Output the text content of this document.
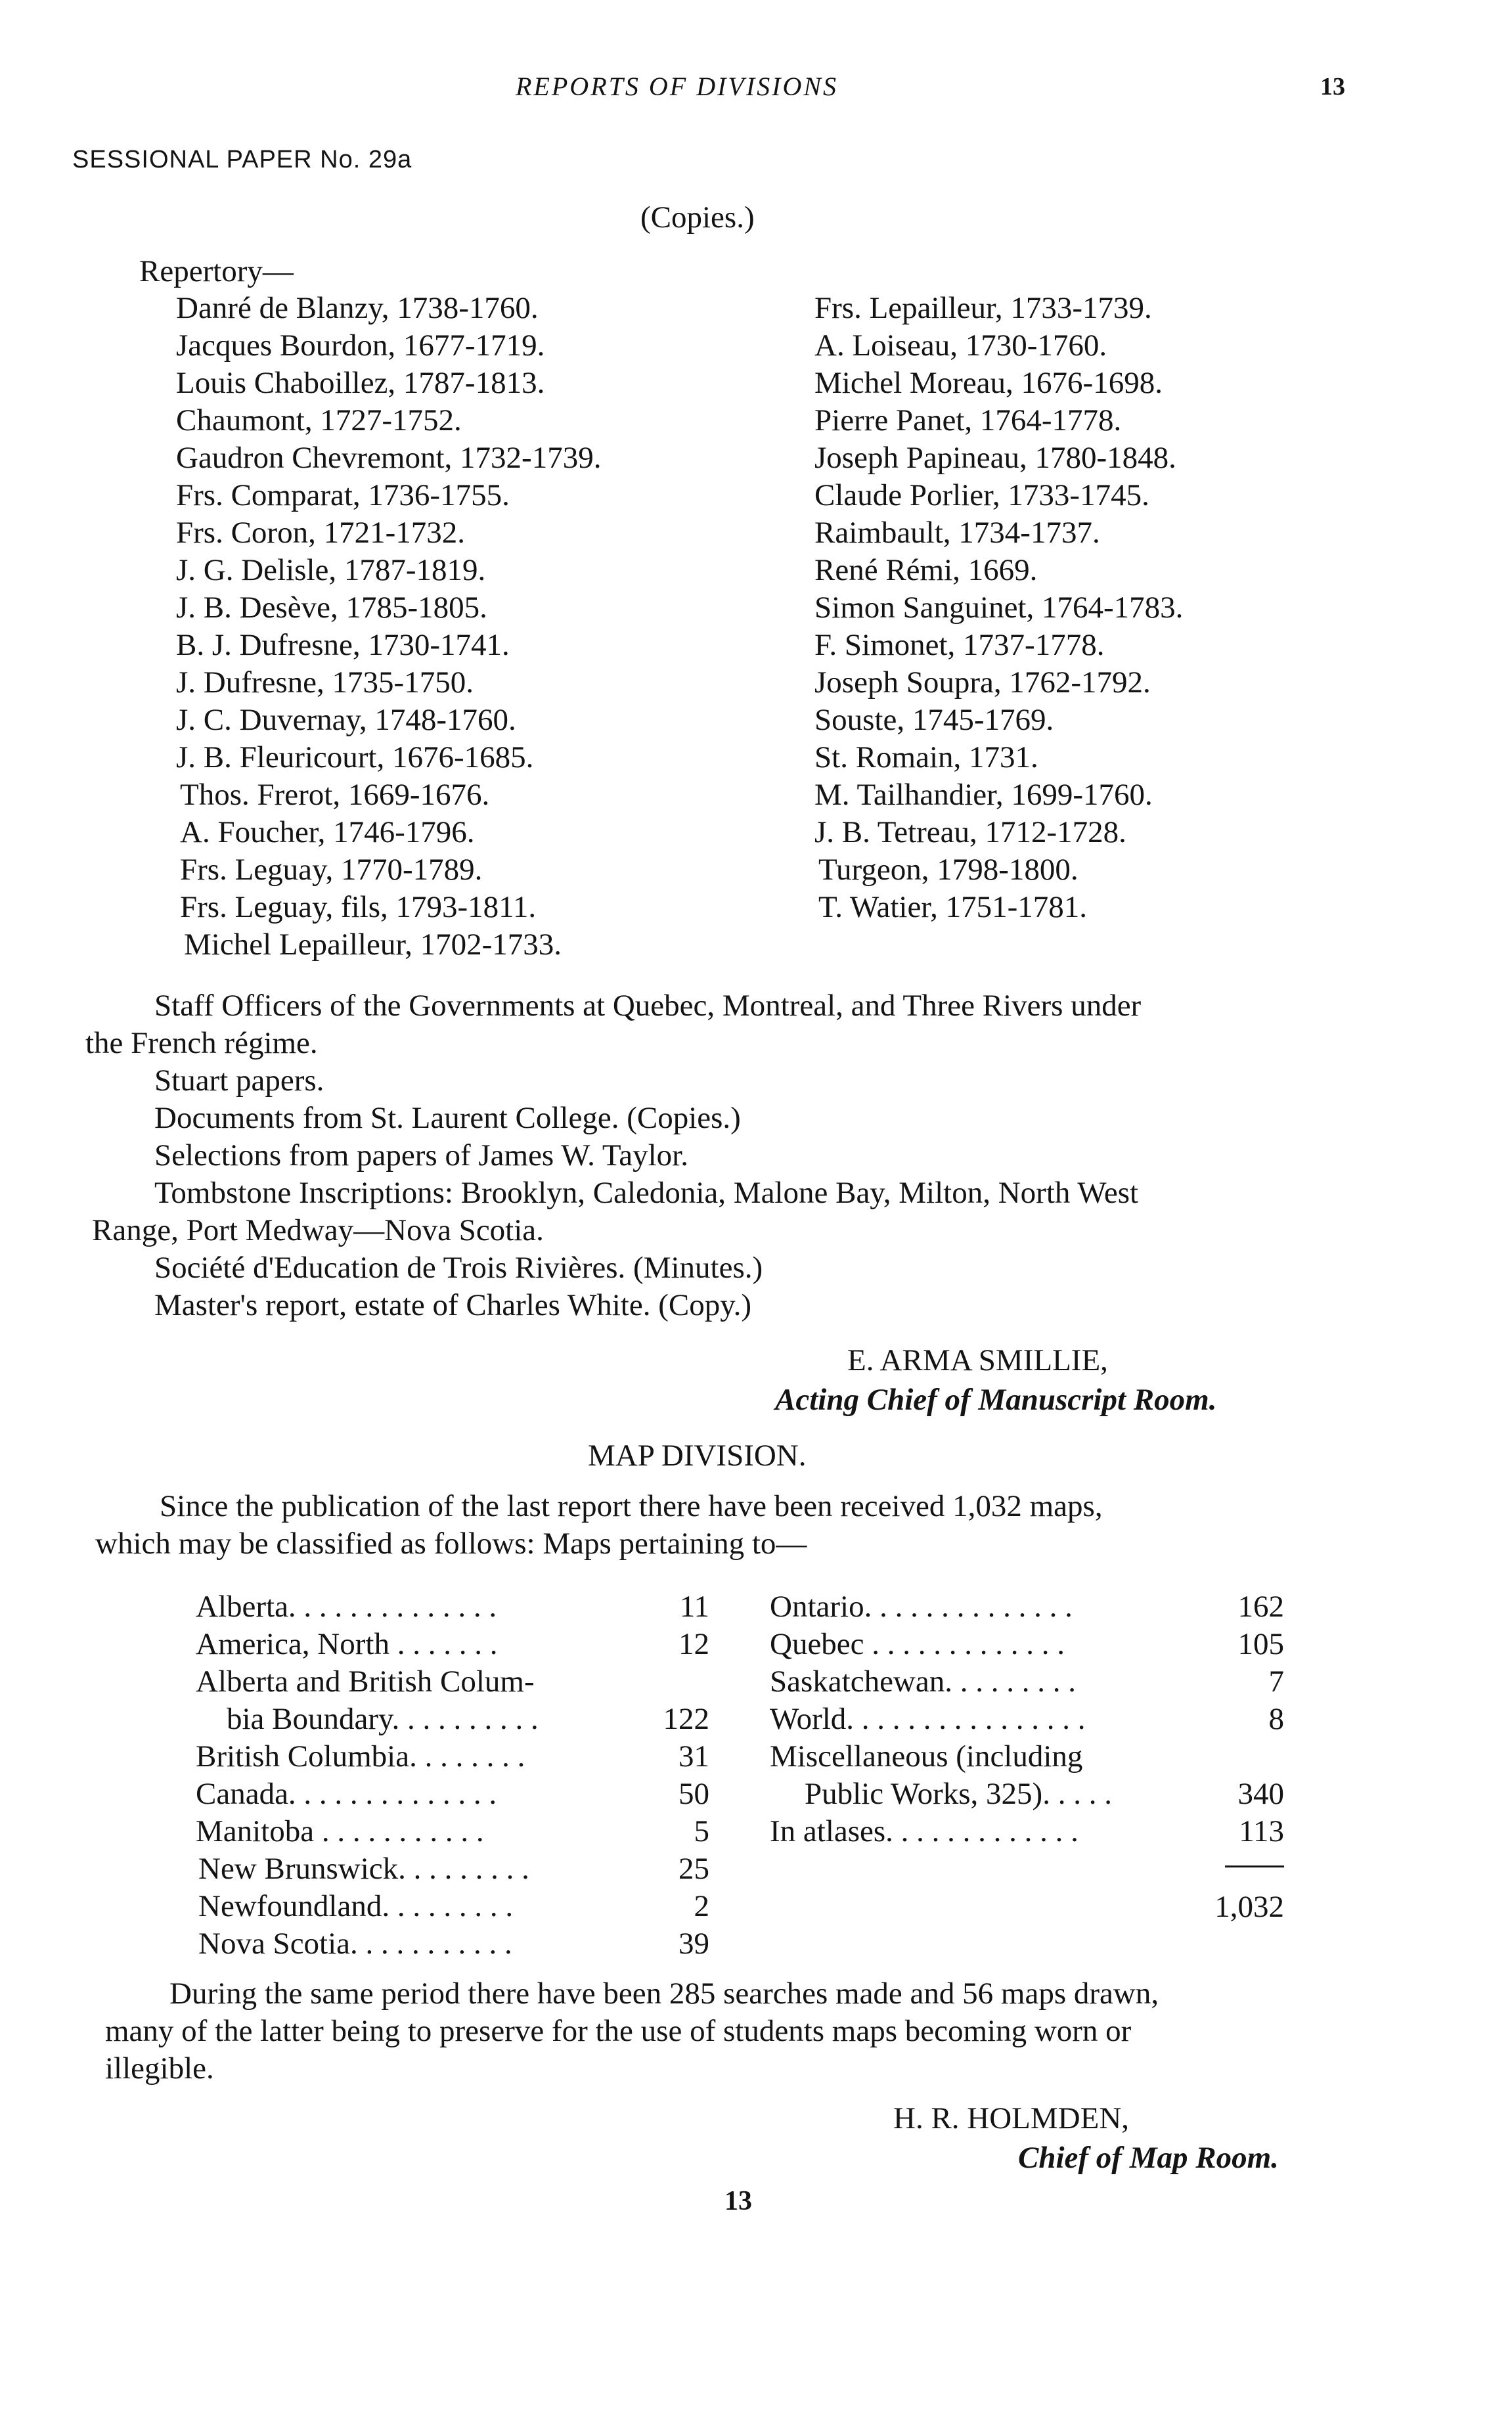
REPORTS OF DIVISIONS	13
SESSIONAL PAPER No. 29a
(Copies.)
Repertory—
Danré de Blanzy, 1738-1760.
Jacques Bourdon, 1677-1719.
Louis Chaboillez, 1787-1813.
Chaumont, 1727-1752.
Gaudron Chevremont, 1732-1739.
Frs. Comparat, 1736-1755.
Frs. Coron, 1721-1732.
J. G. Delisle, 1787-1819.
J. B. Desève, 1785-1805.
B. J. Dufresne, 1730-1741.
J. Dufresne, 1735-1750.
J. C. Duvernay, 1748-1760.
J. B. Fleuricourt, 1676-1685.
Thos. Frerot, 1669-1676.
A. Foucher, 1746-1796.
Frs. Leguay, 1770-1789.
Frs. Leguay, fils, 1793-1811.
Michel Lepailleur, 1702-1733.
Frs. Lepailleur, 1733-1739.
A. Loiseau, 1730-1760.
Michel Moreau, 1676-1698.
Pierre Panet, 1764-1778.
Joseph Papineau, 1780-1848.
Claude Porlier, 1733-1745.
Raimbault, 1734-1737.
René Rémi, 1669.
Simon Sanguinet, 1764-1783.
F. Simonet, 1737-1778.
Joseph Soupra, 1762-1792.
Souste, 1745-1769.
St. Romain, 1731.
M. Tailhandier, 1699-1760.
J. B. Tetreau, 1712-1728.
Turgeon, 1798-1800.
T. Watier, 1751-1781.
Staff Officers of the Governments at Quebec, Montreal, and Three Rivers under
the French régime.
Stuart papers.
Documents from St. Laurent College. (Copies.)
Selections from papers of James W. Taylor.
Tombstone Inscriptions: Brooklyn, Caledonia, Malone Bay, Milton, North West
Range, Port Medway—Nova Scotia.
Société d'Education de Trois Rivières. (Minutes.)
Master's report, estate of Charles White. (Copy.)
E. ARMA SMILLIE,
Acting Chief of Manuscript Room.
MAP DIVISION.
Since the publication of the last report there have been received 1,032 maps,
which may be classified as follows: Maps pertaining to—
Alberta. . . . . . . . . . . . . .	11
America, North . . . . . . .	12
Alberta and British Colum-
bia Boundary. . . . . . . . . .	122
British Columbia. . . . . . . .	31
Canada. . . . . . . . . . . . . .	50
Manitoba . . . . . . . . . . .	5
New Brunswick. . . . . . . . .	25
Newfoundland. . . . . . . . .	2
Nova Scotia. . . . . . . . . . .	39
Ontario. . . . . . . . . . . . . .	162
Quebec . . . . . . . . . . . . .	105
Saskatchewan. . . . . . . . .	7
World. . . . . . . . . . . . . . . .	8
Miscellaneous (including
Public Works, 325). . . . .	340
In atlases. . . . . . . . . . . . .	113
1,032
During the same period there have been 285 searches made and 56 maps drawn,
many of the latter being to preserve for the use of students maps becoming worn or
illegible.
H. R. HOLMDEN,
Chief of Map Room.
13
